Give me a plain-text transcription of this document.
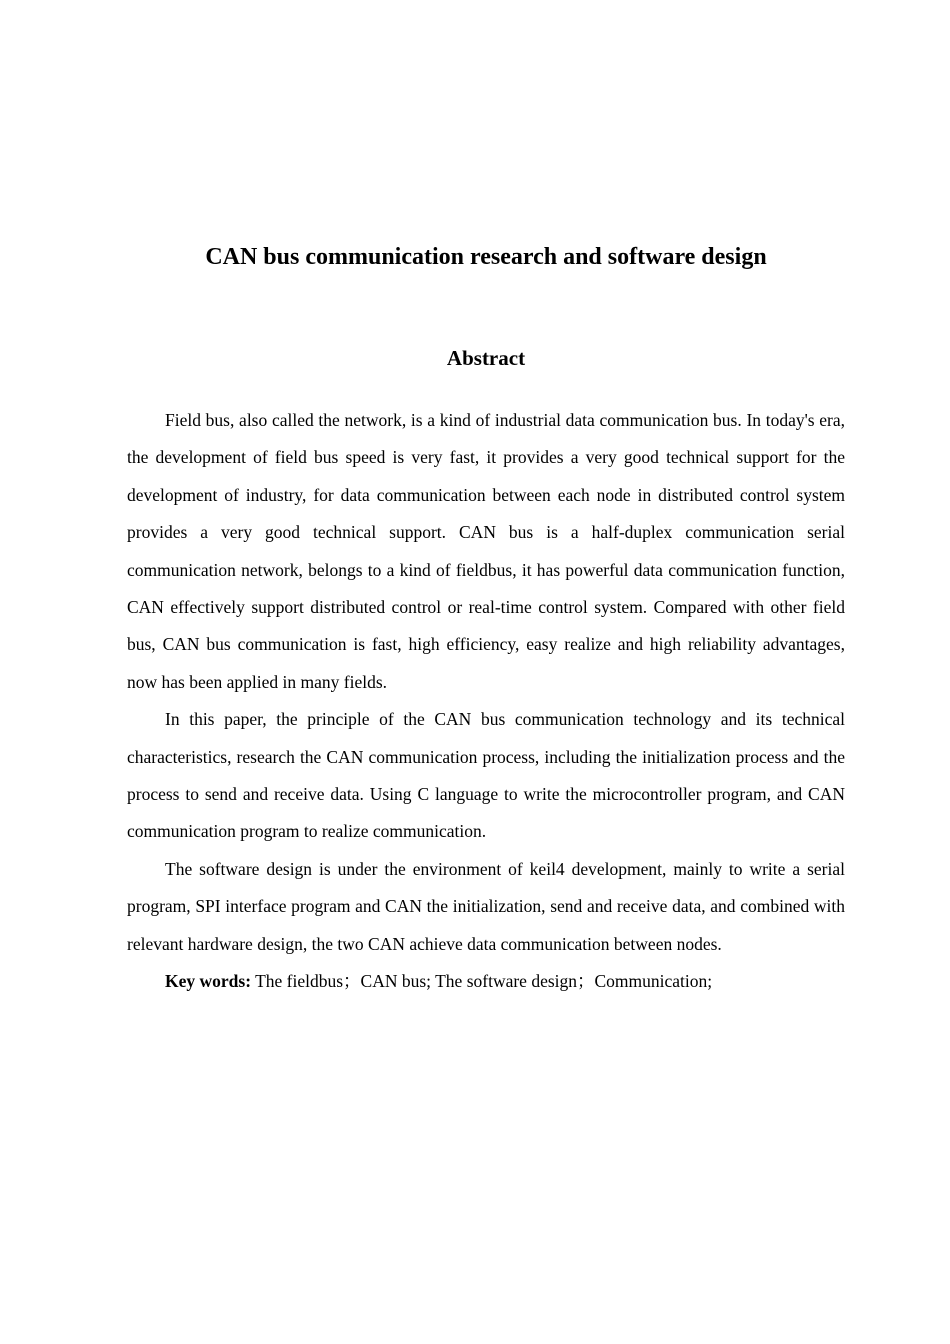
CAN bus communication research and software design
Abstract

Field bus, also called the network, is a kind of industrial data communication bus. In today's era, the development of field bus speed is very fast, it provides a very good technical support for the development of industry, for data communication between each node in distributed control system provides a very good technical support. CAN bus is a half-duplex communication serial communication network, belongs to a kind of fieldbus, it has powerful data communication function, CAN effectively support distributed control or real-time control system. Compared with other field bus, CAN bus communication is fast, high efficiency, easy realize and high reliability advantages, now has been applied in many fields.

In this paper, the principle of the CAN bus communication technology and its technical characteristics, research the CAN communication process, including the initialization process and the process to send and receive data. Using C language to write the microcontroller program, and CAN communication program to realize communication.

The software design is under the environment of keil4 development, mainly to write a serial program, SPI interface program and CAN the initialization, send and receive data, and combined with relevant hardware design, the two CAN achieve data communication between nodes.

Key words: The fieldbus；CAN bus; The software design；Communication;
